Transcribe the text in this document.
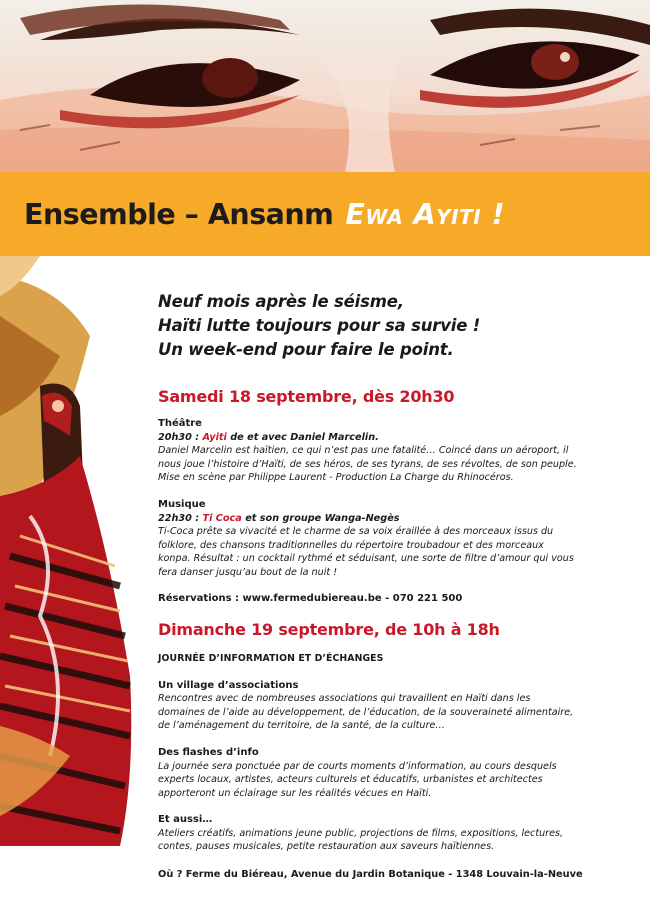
Ensemble – Ansanm Ewa Ayiti !
Neuf mois après le séisme,
Haïti lutte toujours pour sa survie !
Un week-end pour faire le point.
Samedi 18 septembre, dès 20h30
Théâtre
20h30 : Ayiti de et avec Daniel Marcelin.
Daniel Marcelin est haïtien, ce qui n’est pas une fatalité… Coincé dans un aéroport, il
nous joue l’histoire d’Haïti, de ses héros, de ses tyrans, de ses révoltes, de son peuple.
Mise en scène par Philippe Laurent - Production La Charge du Rhinocéros.
Musique
22h30 : Ti Coca et son groupe Wanga-Negès
Ti-Coca prête sa vivacité et le charme de sa voix éraillée à des morceaux issus du
folklore, des chansons traditionnelles du répertoire troubadour et des morceaux
konpa. Résultat : un cocktail rythmé et séduisant, une sorte de filtre d’amour qui vous
fera danser jusqu’au bout de la nuit !
Réservations : www.fermedubiereau.be - 070 221 500
Dimanche 19 septembre, de 10h à 18h
JOURNÉE D’INFORMATION ET D’ÉCHANGES
Un village d’associations
Rencontres avec de nombreuses associations qui travaillent en Haïti dans les
domaines de l’aide au développement, de l’éducation, de la souveraineté alimentaire,
de l’aménagement du territoire, de la santé, de la culture…
Des flashes d’info
La journée sera ponctuée par de courts moments d’information, au cours desquels
experts locaux, artistes, acteurs culturels et éducatifs, urbanistes et architectes
apporteront un éclairage sur les réalités vécues en Haïti.
Et aussi…
Ateliers créatifs, animations jeune public, projections de films, expositions, lectures,
contes, pauses musicales, petite restauration aux saveurs haïtiennes.
Où ? Ferme du Biéreau, Avenue du Jardin Botanique - 1348 Louvain-la-Neuve
